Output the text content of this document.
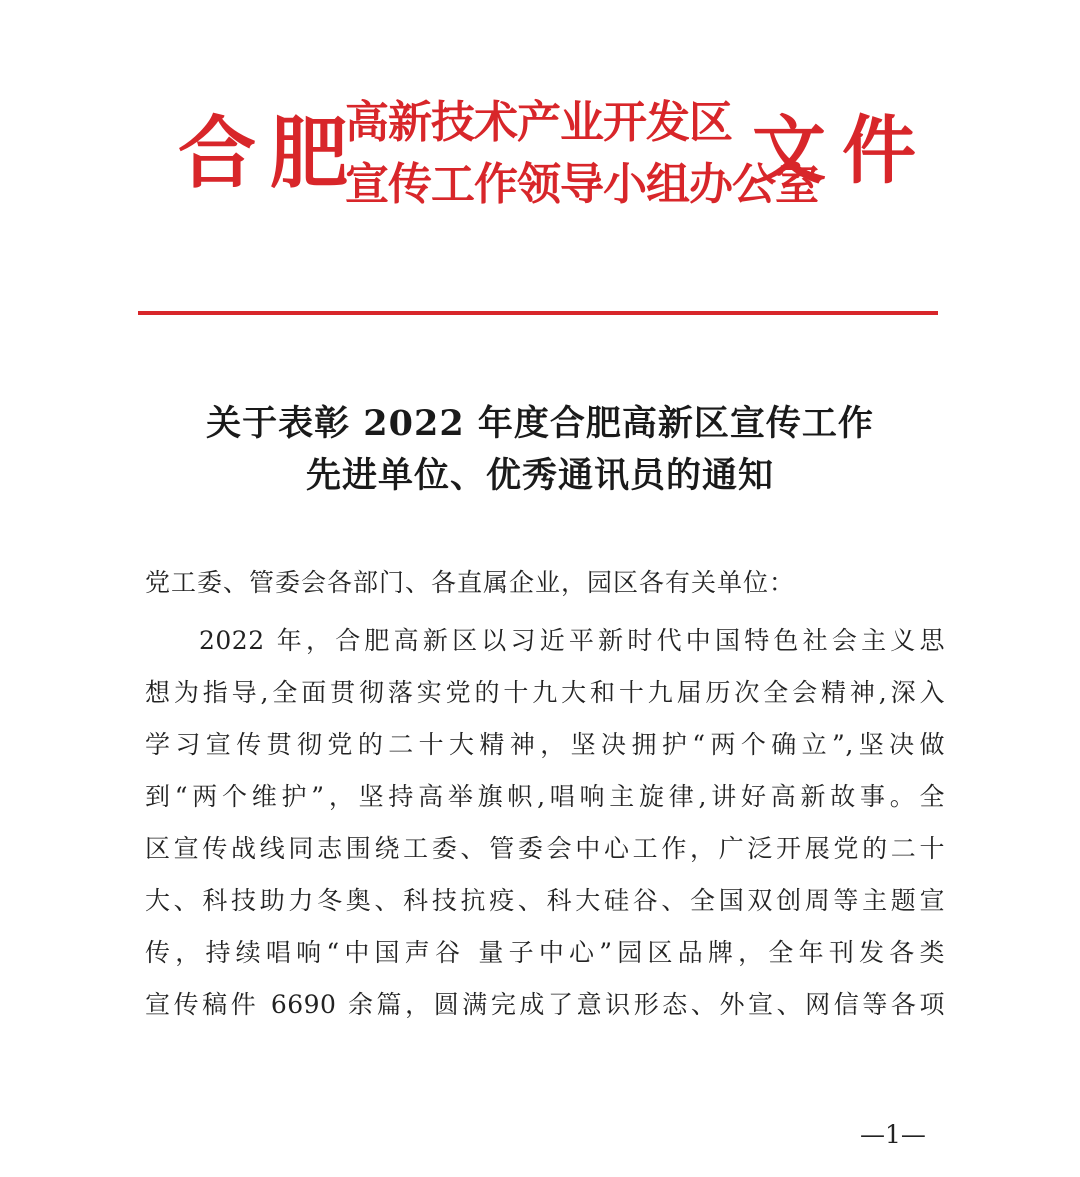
合肥
高新技术产业开发区
宣传工作领导小组办公室
文件
关于表彰 2022 年度合肥高新区宣传工作
先进单位、优秀通讯员的通知
党工委、管委会各部门、各直属企业，园区各有关单位：
2022 年，合肥高新区以习近平新时代中国特色社会主义思
想为指导,全面贯彻落实党的十九大和十九届历次全会精神,深入
学习宣传贯彻党的二十大精神，坚决拥护“两个确立”,坚决做
到“两个维护”，坚持高举旗帜,唱响主旋律,讲好高新故事。全
区宣传战线同志围绕工委、管委会中心工作，广泛开展党的二十
大、科技助力冬奥、科技抗疫、科大硅谷、全国双创周等主题宣
传，持续唱响“中国声谷 量子中心”园区品牌，全年刊发各类
宣传稿件 6690 余篇，圆满完成了意识形态、外宣、网信等各项
—1—
